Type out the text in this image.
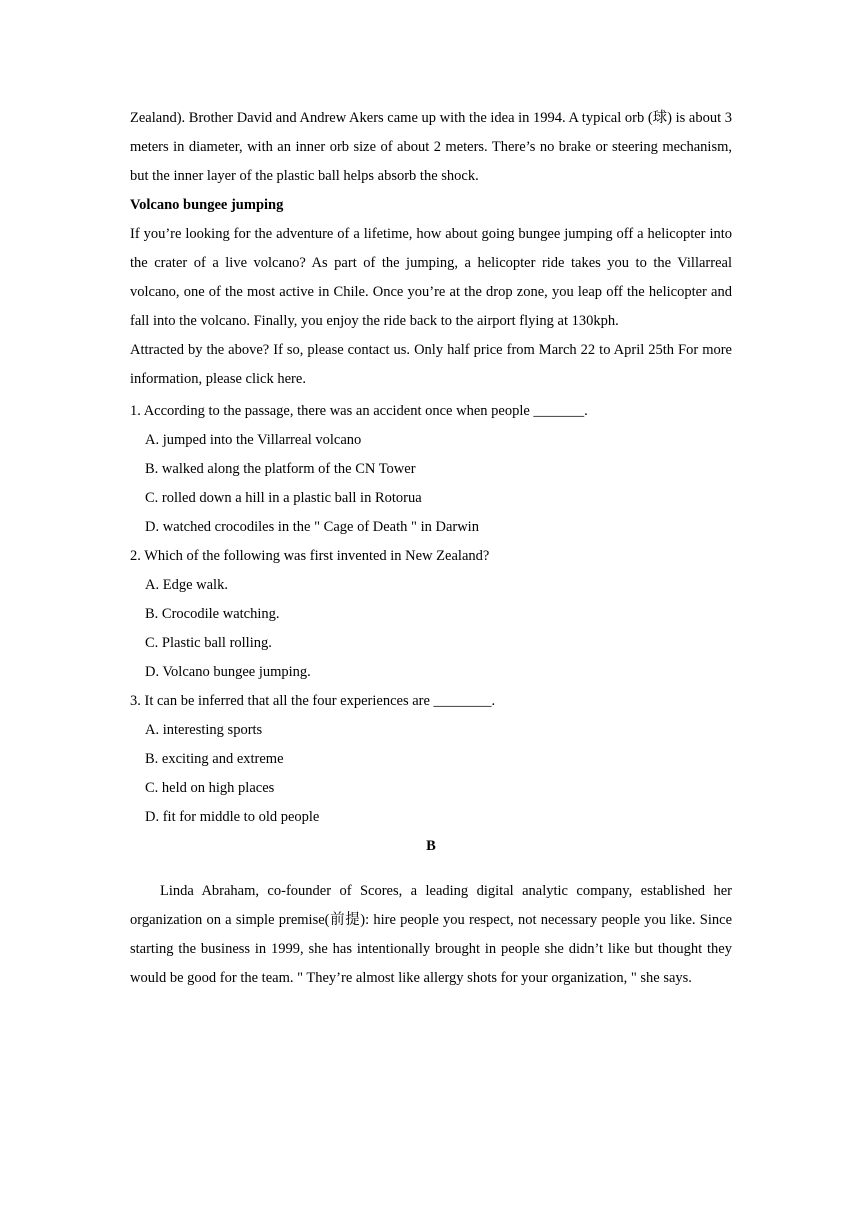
Zealand). Brother David and Andrew Akers came up with the idea in 1994. A typical orb (球) is about 3 meters in diameter, with an inner orb size of about 2 meters. There’s no brake or steering mechanism, but the inner layer of the plastic ball helps absorb the shock.

Volcano bungee jumping

If you’re looking for the adventure of a lifetime, how about going bungee jumping off a helicopter into the crater of a live volcano? As part of the jumping, a helicopter ride takes you to the Villarreal volcano, one of the most active in Chile. Once you’re at the drop zone, you leap off the helicopter and fall into the volcano. Finally, you enjoy the ride back to the airport flying at 130kph.

Attracted by the above? If so, please contact us. Only half price from March 22 to April 25th For more information, please click here.

1. According to the passage, there was an accident once when people _______.

A. jumped into the Villarreal volcano

B. walked along the platform of the CN Tower

C. rolled down a hill in a plastic ball in Rotorua

D. watched crocodiles in the " Cage of Death " in Darwin

2. Which of the following was first invented in New Zealand?

A. Edge walk.

B. Crocodile watching.

C. Plastic ball rolling.

D. Volcano bungee jumping.

3. It can be inferred that all the four experiences are ________.

A. interesting sports

B. exciting and extreme

C. held on high places

D. fit for middle to old people

B

Linda Abraham, co-founder of Scores, a leading digital analytic company, established her organization on a simple premise(前提): hire people you respect, not necessary people you like. Since starting the business in 1999, she has intentionally brought in people she didn’t like but thought they would be good for the team. " They’re almost like allergy shots for your organization, " she says.
